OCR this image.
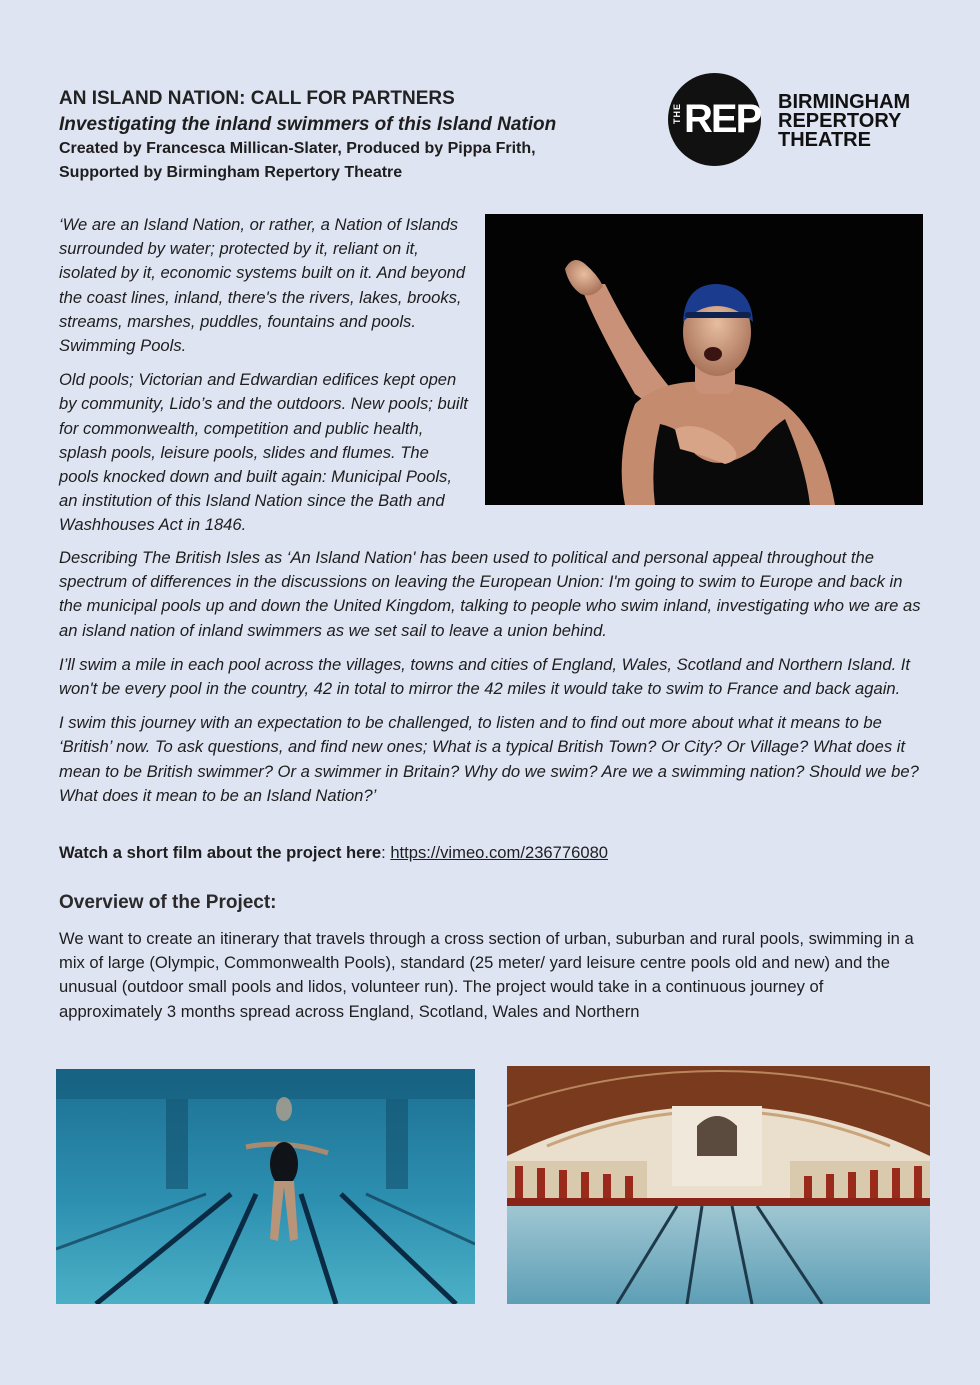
AN ISLAND NATION: CALL FOR PARTNERS

Investigating the inland swimmers of this Island Nation

Created by Francesca Millican-Slater, Produced by Pippa Frith,

Supported by Birmingham Repertory Theatre

THE REP BIRMINGHAM
REPERTORY
THEATRE

‘We are an Island Nation, or rather, a Nation of Islands surrounded by water; protected by it, reliant on it, isolated by it, economic systems built on it. And beyond the coast lines, inland, there's the rivers, lakes, brooks, streams, marshes, puddles, fountains and pools. Swimming Pools.

Old pools; Victorian and Edwardian edifices kept open by community, Lido’s and the outdoors. New pools; built for commonwealth, competition and public health, splash pools, leisure pools, slides and flumes. The pools knocked down and built again: Municipal Pools, an institution of this Island Nation since the Bath and Washhouses Act in 1846.

Describing The British Isles as ‘An Island Nation' has been used to political and personal appeal throughout the spectrum of differences in the discussions on leaving the European Union: I'm going to swim to Europe and back in the municipal pools up and down the United Kingdom, talking to people who swim inland, investigating who we are as an island nation of inland swimmers as we set sail to leave a union behind.

I’ll swim a mile in each pool across the villages, towns and cities of England, Wales, Scotland and Northern Island. It won't be every pool in the country, 42 in total to mirror the 42 miles it would take to swim to France and back again.

I swim this journey with an expectation to be challenged, to listen and to find out more about what it means to be ‘British’ now. To ask questions, and find new ones; What is a typical British Town? Or City? Or Village? What does it mean to be British swimmer? Or a swimmer in Britain? Why do we swim? Are we a swimming nation? Should we be? What does it mean to be an Island Nation?’

Watch a short film about the project here: https://vimeo.com/236776080
Overview of the Project:

We want to create an itinerary that travels through a cross section of urban, suburban and rural pools, swimming in a mix of large (Olympic, Commonwealth Pools), standard (25 meter/ yard leisure centre pools old and new) and the unusual (outdoor small pools and lidos, volunteer run). The project would take in a continuous journey of approximately 3 months spread across England, Scotland, Wales and Northern
